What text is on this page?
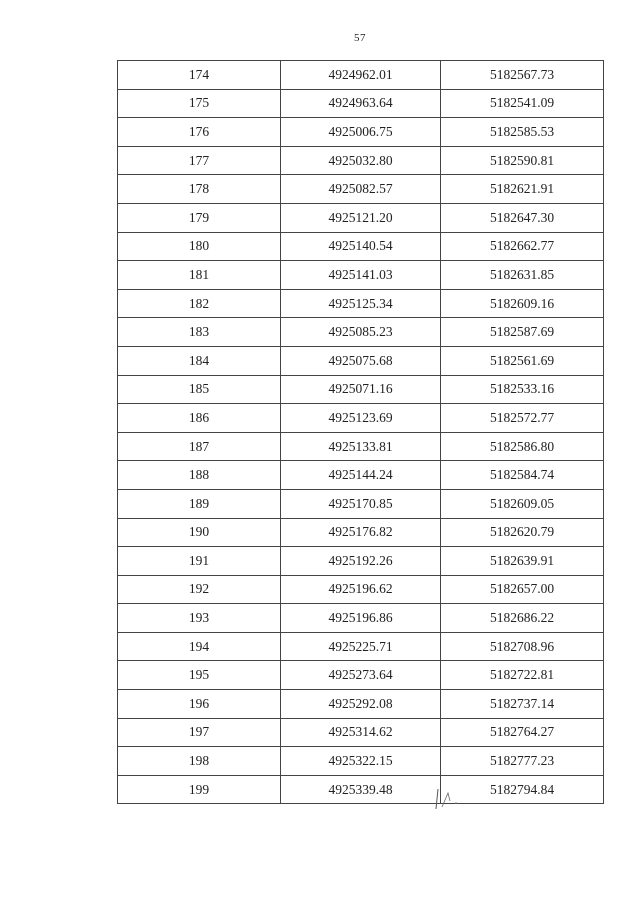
57
174	4924962.01	5182567.73
175	4924963.64	5182541.09
176	4925006.75	5182585.53
177	4925032.80	5182590.81
178	4925082.57	5182621.91
179	4925121.20	5182647.30
180	4925140.54	5182662.77
181	4925141.03	5182631.85
182	4925125.34	5182609.16
183	4925085.23	5182587.69
184	4925075.68	5182561.69
185	4925071.16	5182533.16
186	4925123.69	5182572.77
187	4925133.81	5182586.80
188	4925144.24	5182584.74
189	4925170.85	5182609.05
190	4925176.82	5182620.79
191	4925192.26	5182639.91
192	4925196.62	5182657.00
193	4925196.86	5182686.22
194	4925225.71	5182708.96
195	4925273.64	5182722.81
196	4925292.08	5182737.14
197	4925314.62	5182764.27
198	4925322.15	5182777.23
199	4925339.48	5182794.84
